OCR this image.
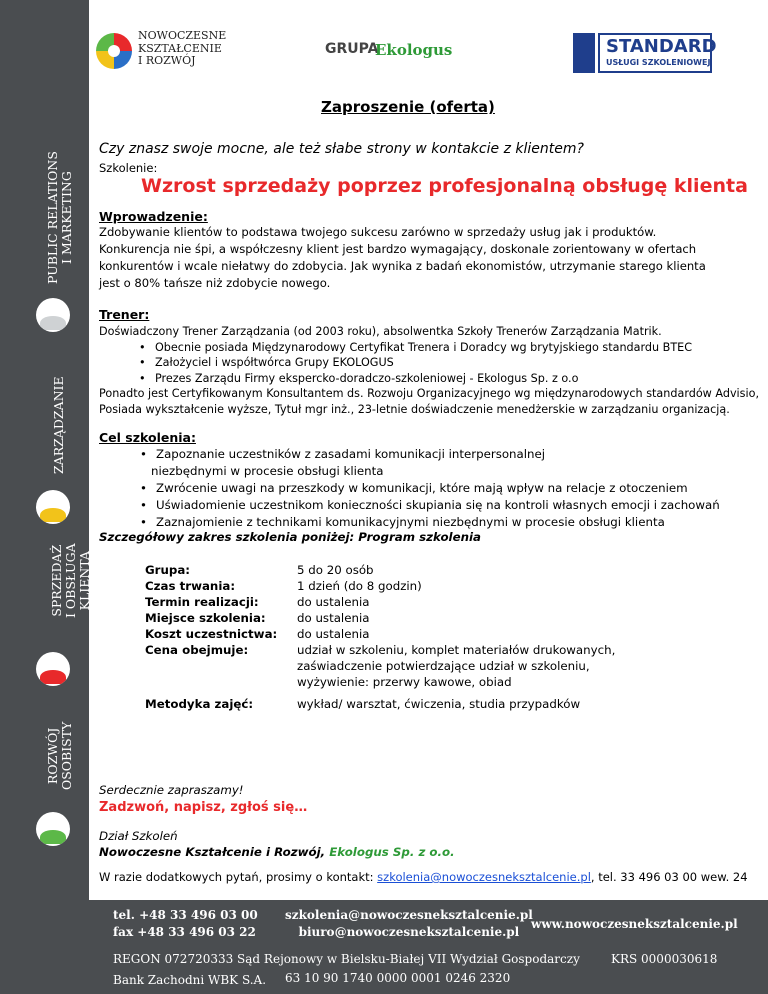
PUBLIC RELATIONS I MARKETING
ZARZĄDZANIE
SPRZEDAŻ I OBSŁUGA KLIENTA
ROZWÓJ OSOBISTY
NOWOCZESNE
KSZTAŁCENIE
I ROZWÓJ
GRUPA
Ekologus	STANDARD
USŁUGI SZKOLENIOWEJ
Zaproszenie (oferta)
Czy znasz swoje mocne, ale też słabe strony w kontakcie z klientem?
Szkolenie:
Wzrost sprzedaży poprzez profesjonalną obsługę klienta
Wprowadzenie:
Zdobywanie klientów to podstawa twojego sukcesu zarówno w sprzedaży usług jak i produktów.
Konkurencja nie śpi, a współczesny klient jest bardzo wymagający, doskonale zorientowany w ofertach
konkurentów i wcale niełatwy do zdobycia. Jak wynika z badań ekonomistów, utrzymanie starego klienta
jest o 80% tańsze niż zdobycie nowego.
Trener:
Doświadczony Trener Zarządzania (od 2003 roku), absolwentka Szkoły Trenerów Zarządzania Matrik.
• Obecnie posiada Międzynarodowy Certyfikat Trenera i Doradcy wg brytyjskiego standardu BTEC
• Założyciel i współtwórca Grupy EKOLOGUS
• Prezes Zarządu Firmy ekspercko-doradczo-szkoleniowej - Ekologus Sp. z o.o
Ponadto jest Certyfikowanym Konsultantem ds. Rozwoju Organizacyjnego wg międzynarodowych standardów Advisio,
Posiada wykształcenie wyższe, Tytuł mgr inż., 23-letnie doświadczenie menedżerskie w zarządzaniu organizacją.
Cel szkolenia:
• Zapoznanie uczestników z zasadami komunikacji interpersonalnej
niezbędnymi w procesie obsługi klienta
• Zwrócenie uwagi na przeszkody w komunikacji, które mają wpływ na relacje z otoczeniem
• Uświadomienie uczestnikom konieczności skupiania się na kontroli własnych emocji i zachowań
• Zaznajomienie z technikami komunikacyjnymi niezbędnymi w procesie obsługi klienta
Szczegółowy zakres szkolenia poniżej: Program szkolenia
Grupa:	5 do 20 osób
Czas trwania:	1 dzień (do 8 godzin)
Termin realizacji:	do ustalenia
Miejsce szkolenia:	do ustalenia
Koszt uczestnictwa: do ustalenia
Cena obejmuje:	udział w szkoleniu, komplet materiałów drukowanych,
zaświadczenie potwierdzające udział w szkoleniu,
wyżywienie: przerwy kawowe, obiad
Metodyka zajęć:	wykład/ warsztat, ćwiczenia, studia przypadków
Serdecznie zapraszamy!
Zadzwoń, napisz, zgłoś się…
Dział Szkoleń
Nowoczesne Kształcenie i Rozwój, Ekologus Sp. z o.o.
W razie dodatkowych pytań, prosimy o kontakt: szkolenia@nowoczesneksztalcenie.pl, tel. 33 496 03 00 wew. 24
tel. +48 33 496 03 00
fax +48 33 496 03 22
szkolenia@nowoczesneksztalcenie.pl
biuro@nowoczesneksztalcenie.pl
www.nowoczesneksztalcenie.pl
REGON 072720333 Sąd Rejonowy w Bielsku-Białej VII Wydział Gospodarczy	KRS 0000030618
Bank Zachodni WBK S.A. 63 10 90 1740 0000 0001 0246 2320
